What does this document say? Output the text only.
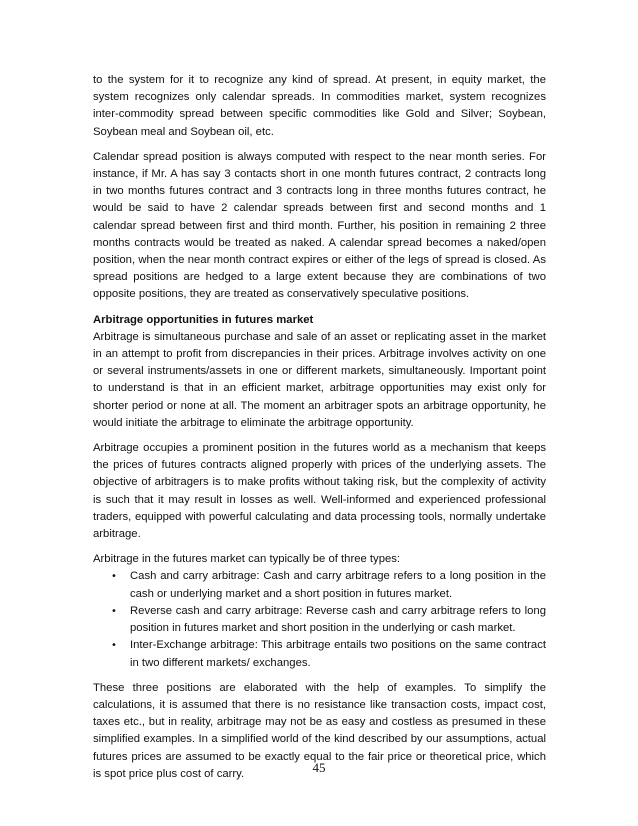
to the system for it to recognize any kind of spread. At present, in equity market, the system recognizes only calendar spreads. In commodities market, system recognizes inter-commodity spread between specific commodities like Gold and Silver; Soybean, Soybean meal and Soybean oil, etc.

Calendar spread position is always computed with respect to the near month series. For instance, if Mr. A has say 3 contacts short in one month futures contract, 2 contracts long in two months futures contract and 3 contracts long in three months futures contract, he would be said to have 2 calendar spreads between first and second months and 1 calendar spread between first and third month. Further, his position in remaining 2 three months contracts would be treated as naked. A calendar spread becomes a naked/open position, when the near month contract expires or either of the legs of spread is closed. As spread positions are hedged to a large extent because they are combinations of two opposite positions, they are treated as conservatively speculative positions.

Arbitrage opportunities in futures market

Arbitrage is simultaneous purchase and sale of an asset or replicating asset in the market in an attempt to profit from discrepancies in their prices. Arbitrage involves activity on one or several instruments/assets in one or different markets, simultaneously. Important point to understand is that in an efficient market, arbitrage opportunities may exist only for shorter period or none at all. The moment an arbitrager spots an arbitrage opportunity, he would initiate the arbitrage to eliminate the arbitrage opportunity.

Arbitrage occupies a prominent position in the futures world as a mechanism that keeps the prices of futures contracts aligned properly with prices of the underlying assets. The objective of arbitragers is to make profits without taking risk, but the complexity of activity is such that it may result in losses as well. Well-informed and experienced professional traders, equipped with powerful calculating and data processing tools, normally undertake arbitrage.

Arbitrage in the futures market can typically be of three types:

• Cash and carry arbitrage: Cash and carry arbitrage refers to a long position in the cash or underlying market and a short position in futures market.
• Reverse cash and carry arbitrage: Reverse cash and carry arbitrage refers to long position in futures market and short position in the underlying or cash market.
• Inter-Exchange arbitrage: This arbitrage entails two positions on the same contract in two different markets/ exchanges.

These three positions are elaborated with the help of examples. To simplify the calculations, it is assumed that there is no resistance like transaction costs, impact cost, taxes etc., but in reality, arbitrage may not be as easy and costless as presumed in these simplified examples. In a simplified world of the kind described by our assumptions, actual futures prices are assumed to be exactly equal to the fair price or theoretical price, which is spot price plus cost of carry.	45
